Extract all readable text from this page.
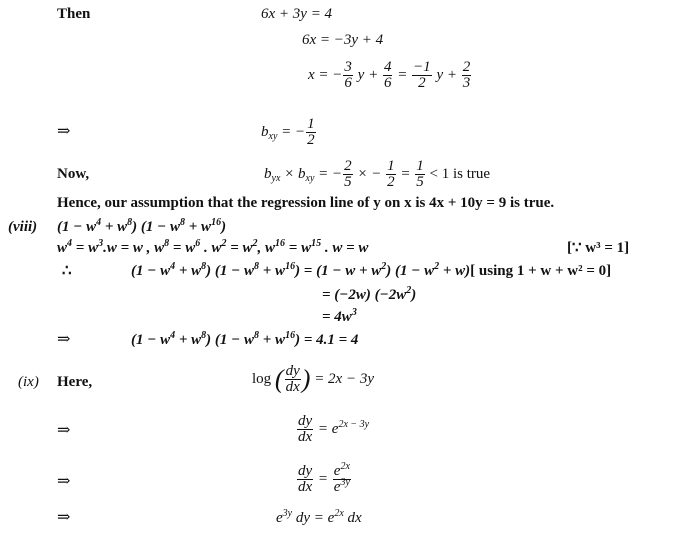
Then	6x + 3y = 4
6x = −3y + 4
x = − $\frac{3}{6}$ $y + \frac{4}{6} = \frac{-1}{2}$ $y + \frac{2}{3}$
⇒	$b_{xy}$ = − $\frac{1}{2}$
Now,	$b_{yx} \times b_{xy}$ = − $\frac{2}{5}$ × − $\frac{1}{2} = \frac{1}{5} < 1$ is true
Hence, our assumption that the regression line of y on x is 4x + 10y = 9 is true.
(viii) $(1 - w^4 + w^8)$ $(1 - w^8 + w^{16})$
$w^4 = w^3.w = w$ , $w^8 = w^6$ . $w^2 = w^2$, $w^{16} = w^{15}$ . w = w	[∵ w³ = 1]
∴	$(1 - w^4 + w^8)$ $(1 - w^8 + w^{16}) = (1 - w + w^2)$ $(1 - w^2 + w)$[ using 1 + w + w² = 0]
= (−2w) $(-2w^2)$
= $4w^3$
⇒	$(1 - w^4 + w^8)$ $(1 - w^8 + w^{16}) = 4.1 = 4$
(ix) Here,	log ( $\frac{dy}{dx}$ ) = 2x − 3y
⇒	$\frac{dy}{dx} = e^{2x - 3y}$
⇒	$\frac{dy}{dx} = \frac{e^{2x}}{e^{3y}}$
⇒	$e^{3y}$ dy = $e^{2x}$ dx
